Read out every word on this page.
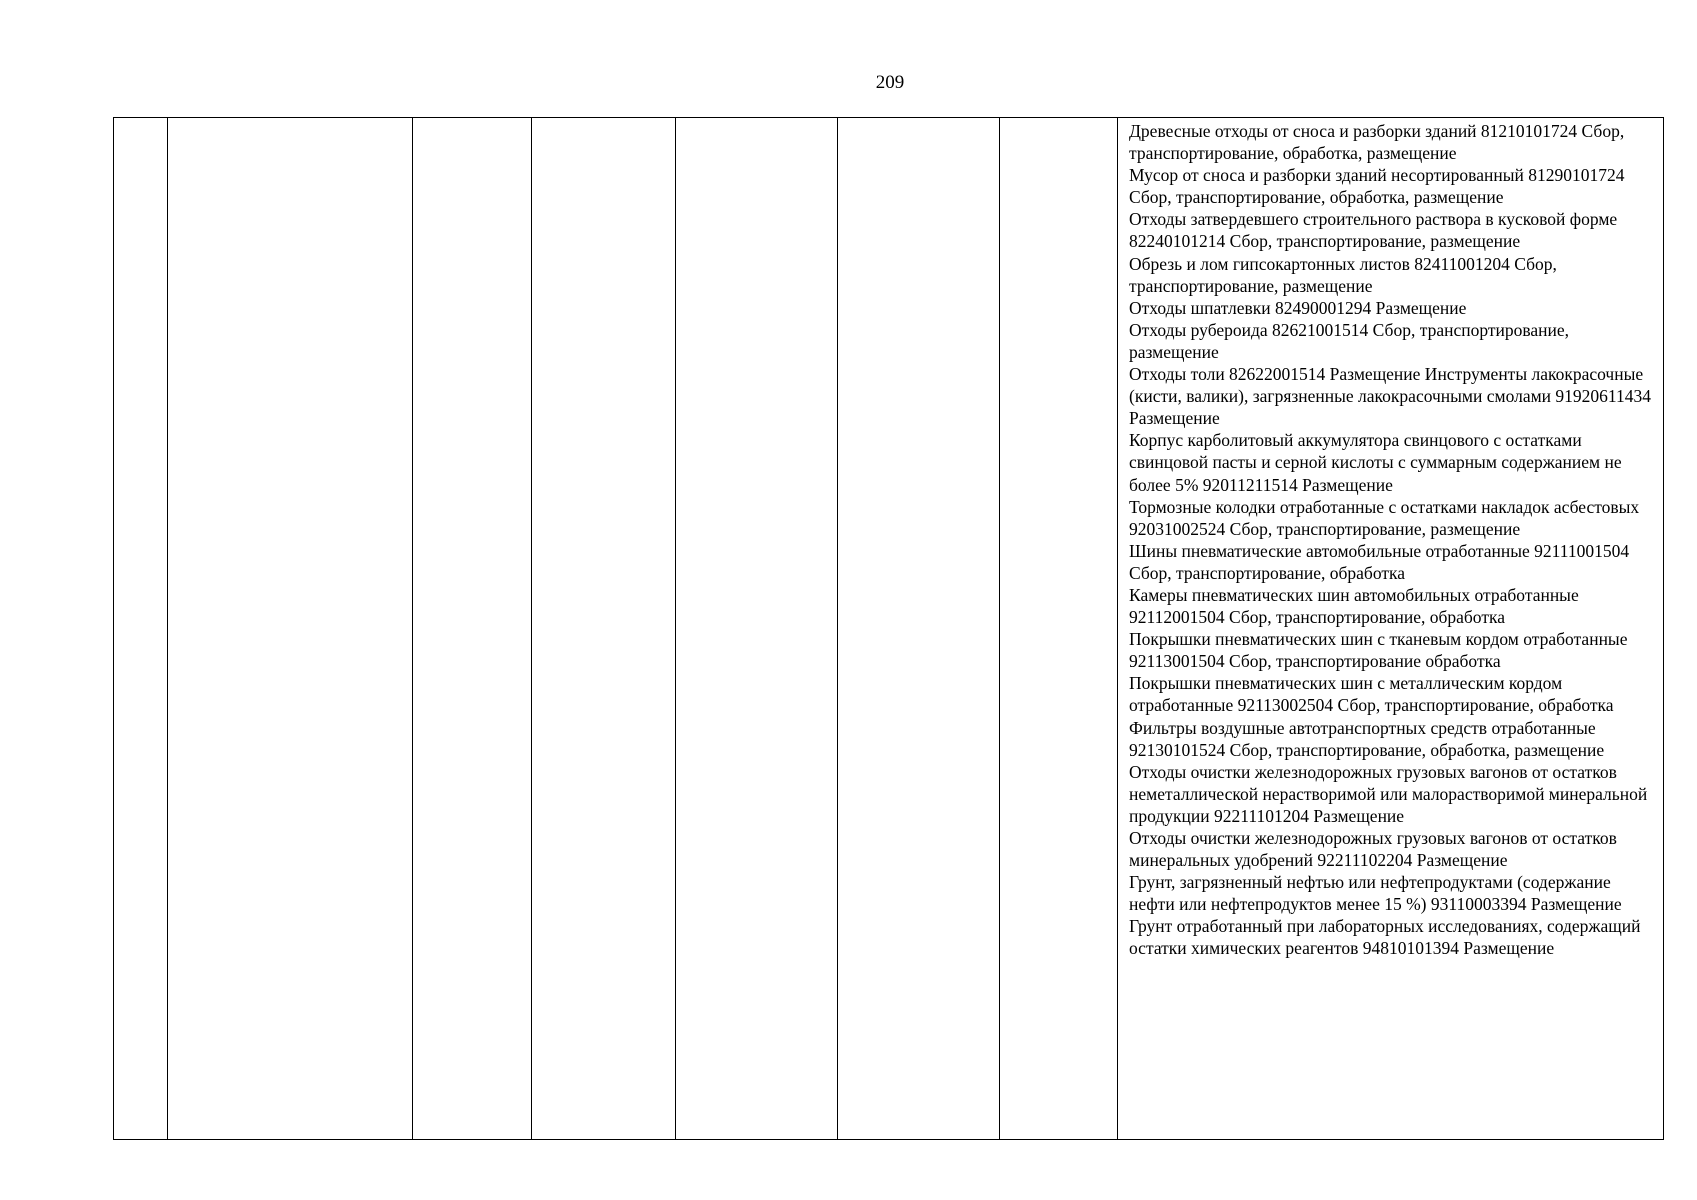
209

Древесные отходы от сноса и разборки зданий 81210101724 Сбор, транспортирование, обработка, размещение
Мусор от сноса и разборки зданий несортированный 81290101724 Сбор, транспортирование, обработка, размещение
Отходы затвердевшего строительного раствора в кусковой форме 82240101214 Сбор, транспортирование, размещение
Обрезь и лом гипсокартонных листов 82411001204 Сбор, транспортирование, размещение
Отходы шпатлевки 82490001294 Размещение
Отходы рубероида 82621001514 Сбор, транспортирование, размещение
Отходы толи 82622001514 Размещение Инструменты лакокрасочные (кисти, валики), загрязненные лакокрасочными смолами 91920611434 Размещение
Корпус карболитовый аккумулятора свинцового с остатками свинцовой пасты и серной кислоты с суммарным содержанием не более 5% 92011211514 Размещение
Тормозные колодки отработанные с остатками накладок асбестовых 92031002524 Сбор, транспортирование, размещение
Шины пневматические автомобильные отработанные 92111001504 Сбор, транспортирование, обработка
Камеры пневматических шин автомобильных отработанные 92112001504 Сбор, транспортирование, обработка
Покрышки пневматических шин с тканевым кордом отработанные 92113001504 Сбор, транспортирование обработка
Покрышки пневматических шин с металлическим кордом отработанные 92113002504 Сбор, транспортирование, обработка
Фильтры воздушные автотранспортных средств отработанные 92130101524 Сбор, транспортирование, обработка, размещение
Отходы очистки железнодорожных грузовых вагонов от остатков неметаллической нерастворимой или малорастворимой минеральной продукции 92211101204 Размещение
Отходы очистки железнодорожных грузовых вагонов от остатков минеральных удобрений 92211102204 Размещение
Грунт, загрязненный нефтью или нефтепродуктами (содержание нефти или нефтепродуктов менее 15 %) 93110003394 Размещение
Грунт отработанный при лабораторных исследованиях, содержащий остатки химических реагентов 94810101394 Размещение
